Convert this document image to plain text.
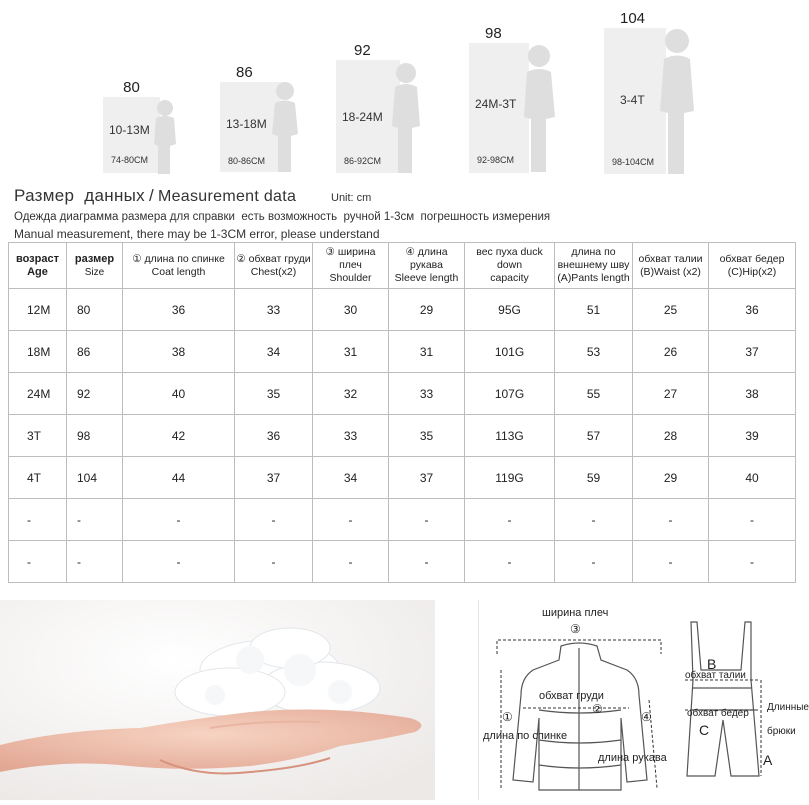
80
10-13M
74-80CM
86
13-18M
80-86CM
92
18-24M
86-92CM
98
24M-3T
92-98CM
104
3-4T
98-104CM
Размер  данных / Measurement data	Unit: cm
Одежда диаграмма размера для справки  есть возможность  ручной 1-3см  погрешность измерения
Manual measurement, there may be 1-3CM error, please understand
возраст
Age	размер
Size	① длина по спинке
Coat length	② обхват груди
Chest(x2)	③ ширина плеч
Shoulder	④ длина рукава
Sleeve length	вес пуха duck down
capacity	длина по внешнему шву
(A)Pants length	обхват талии
(B)Waist (x2)	обхват бедер
(C)Hip(x2)
12M	80	36	33	30	29	95G	51	25	36
18M	86	38	34	31	31	101G	53	26	37
24M	92	40	35	32	33	107G	55	27	38
3T	98	42	36	33	35	113G	57	28	39
4T	104	44	37	34	37	119G	59	29	40
-	-	-	-	-	-	-	-	-	-
-	-	-	-	-	-	-	-	-	-
ширина плеч
③
обхват груди
②
①
длина по спинке
④
длина рукава
B
обхват талии
обхват бедер
C
Длинные брюки
A
